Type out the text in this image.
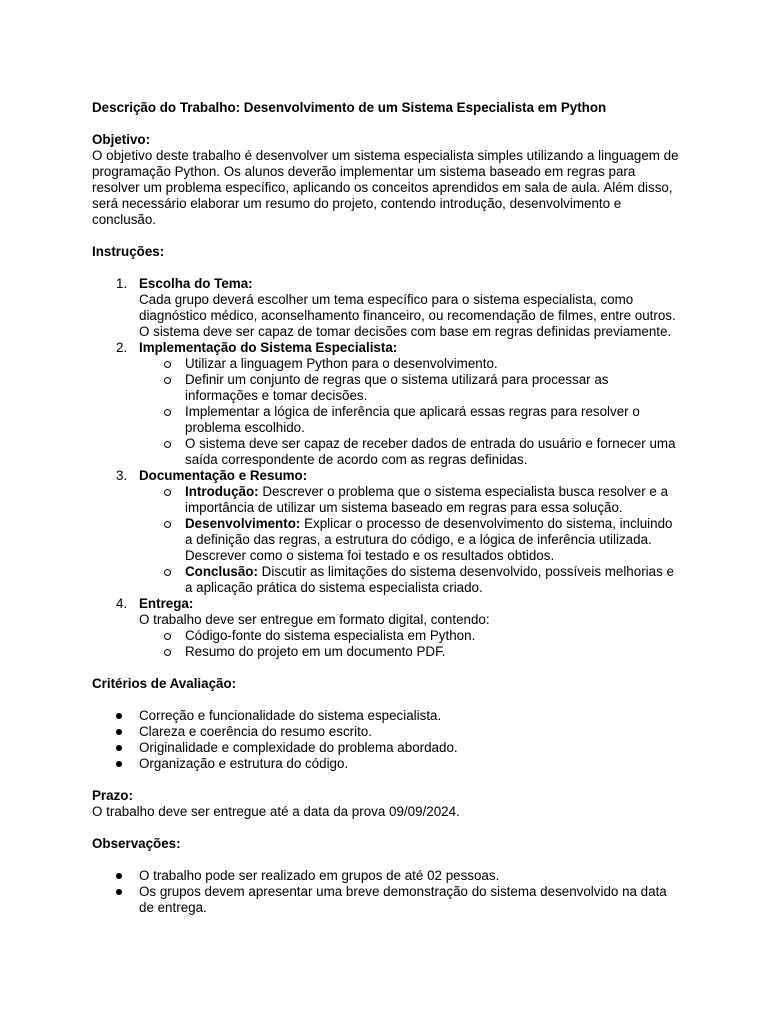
Descrição do Trabalho: Desenvolvimento de um Sistema Especialista em Python

Objetivo:

O objetivo deste trabalho é desenvolver um sistema especialista simples utilizando a linguagem de programação Python. Os alunos deverão implementar um sistema baseado em regras para resolver um problema específico, aplicando os conceitos aprendidos em sala de aula. Além disso, será necessário elaborar um resumo do projeto, contendo introdução, desenvolvimento e conclusão.

Instruções:

1. Escolha do Tema:

Cada grupo deverá escolher um tema específico para o sistema especialista, como diagnóstico médico, aconselhamento financeiro, ou recomendação de filmes, entre outros. O sistema deve ser capaz de tomar decisões com base em regras definidas previamente.

2. Implementação do Sistema Especialista:

Utilizar a linguagem Python para o desenvolvimento.
Definir um conjunto de regras que o sistema utilizará para processar as informações e tomar decisões.
Implementar a lógica de inferência que aplicará essas regras para resolver o problema escolhido.
O sistema deve ser capaz de receber dados de entrada do usuário e fornecer uma saída correspondente de acordo com as regras definidas.
3. Documentação e Resumo:

Introdução: Descrever o problema que o sistema especialista busca resolver e a importância de utilizar um sistema baseado em regras para essa solução.
Desenvolvimento: Explicar o processo de desenvolvimento do sistema, incluindo a definição das regras, a estrutura do código, e a lógica de inferência utilizada. Descrever como o sistema foi testado e os resultados obtidos.
Conclusão: Discutir as limitações do sistema desenvolvido, possíveis melhorias e a aplicação prática do sistema especialista criado.
4. Entrega:

O trabalho deve ser entregue em formato digital, contendo:

Código-fonte do sistema especialista em Python.
Resumo do projeto em um documento PDF.

Critérios de Avaliação:

Correção e funcionalidade do sistema especialista.
Clareza e coerência do resumo escrito.
Originalidade e complexidade do problema abordado.
Organização e estrutura do código.

Prazo:

O trabalho deve ser entregue até a data da prova 09/09/2024.

Observações:

O trabalho pode ser realizado em grupos de até 02 pessoas.
Os grupos devem apresentar uma breve demonstração do sistema desenvolvido na data de entrega.
